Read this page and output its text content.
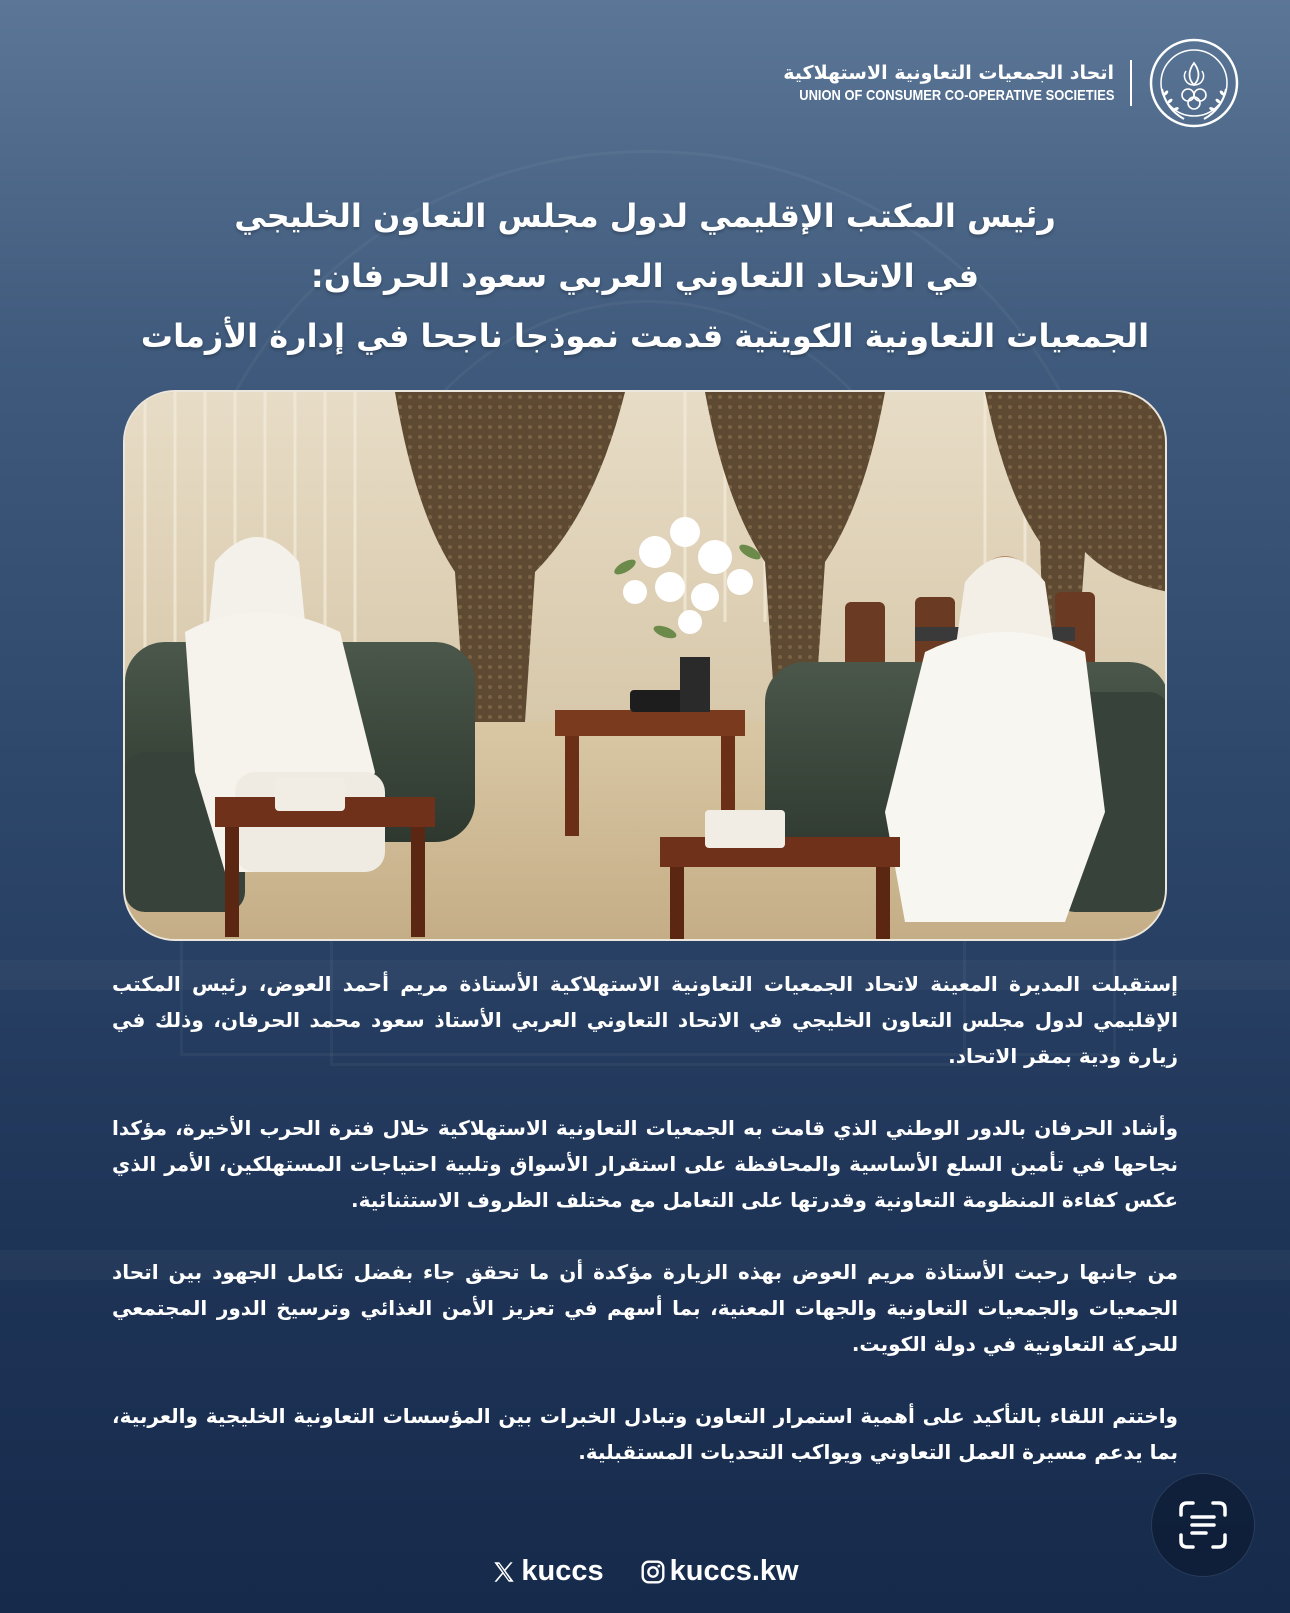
اتحاد الجمعيات التعاونية الاستهلاكية
UNION OF CONSUMER CO-OPERATIVE SOCIETIES
رئيس المكتب الإقليمي لدول مجلس التعاون الخليجي
في الاتحاد التعاوني العربي سعود الحرفان:
الجمعيات التعاونية الكويتية قدمت نموذجا ناجحا في إدارة الأزمات

إستقبلت المديرة المعينة لاتحاد الجمعيات التعاونية الاستهلاكية الأستاذة مريم أحمد العوض، رئيس المكتب الإقليمي لدول مجلس التعاون الخليجي في الاتحاد التعاوني العربي الأستاذ سعود محمد الحرفان، وذلك في زيارة ودية بمقر الاتحاد.

وأشاد الحرفان بالدور الوطني الذي قامت به الجمعيات التعاونية الاستهلاكية خلال فترة الحرب الأخيرة، مؤكدا نجاحها في تأمين السلع الأساسية والمحافظة على استقرار الأسواق وتلبية احتياجات المستهلكين، الأمر الذي عكس كفاءة المنظومة التعاونية وقدرتها على التعامل مع مختلف الظروف الاستثنائية.

من جانبها رحبت الأستاذة مريم العوض بهذه الزيارة مؤكدة أن ما تحقق جاء بفضل تكامل الجهود بين اتحاد الجمعيات والجمعيات التعاونية والجهات المعنية، بما أسهم في تعزيز الأمن الغذائي وترسيخ الدور المجتمعي للحركة التعاونية في دولة الكويت.

واختتم اللقاء بالتأكيد على أهمية استمرار التعاون وتبادل الخبرات بين المؤسسات التعاونية الخليجية والعربية، بما يدعم مسيرة العمل التعاوني ويواكب التحديات المستقبلية.

kuccs kuccs.kw
